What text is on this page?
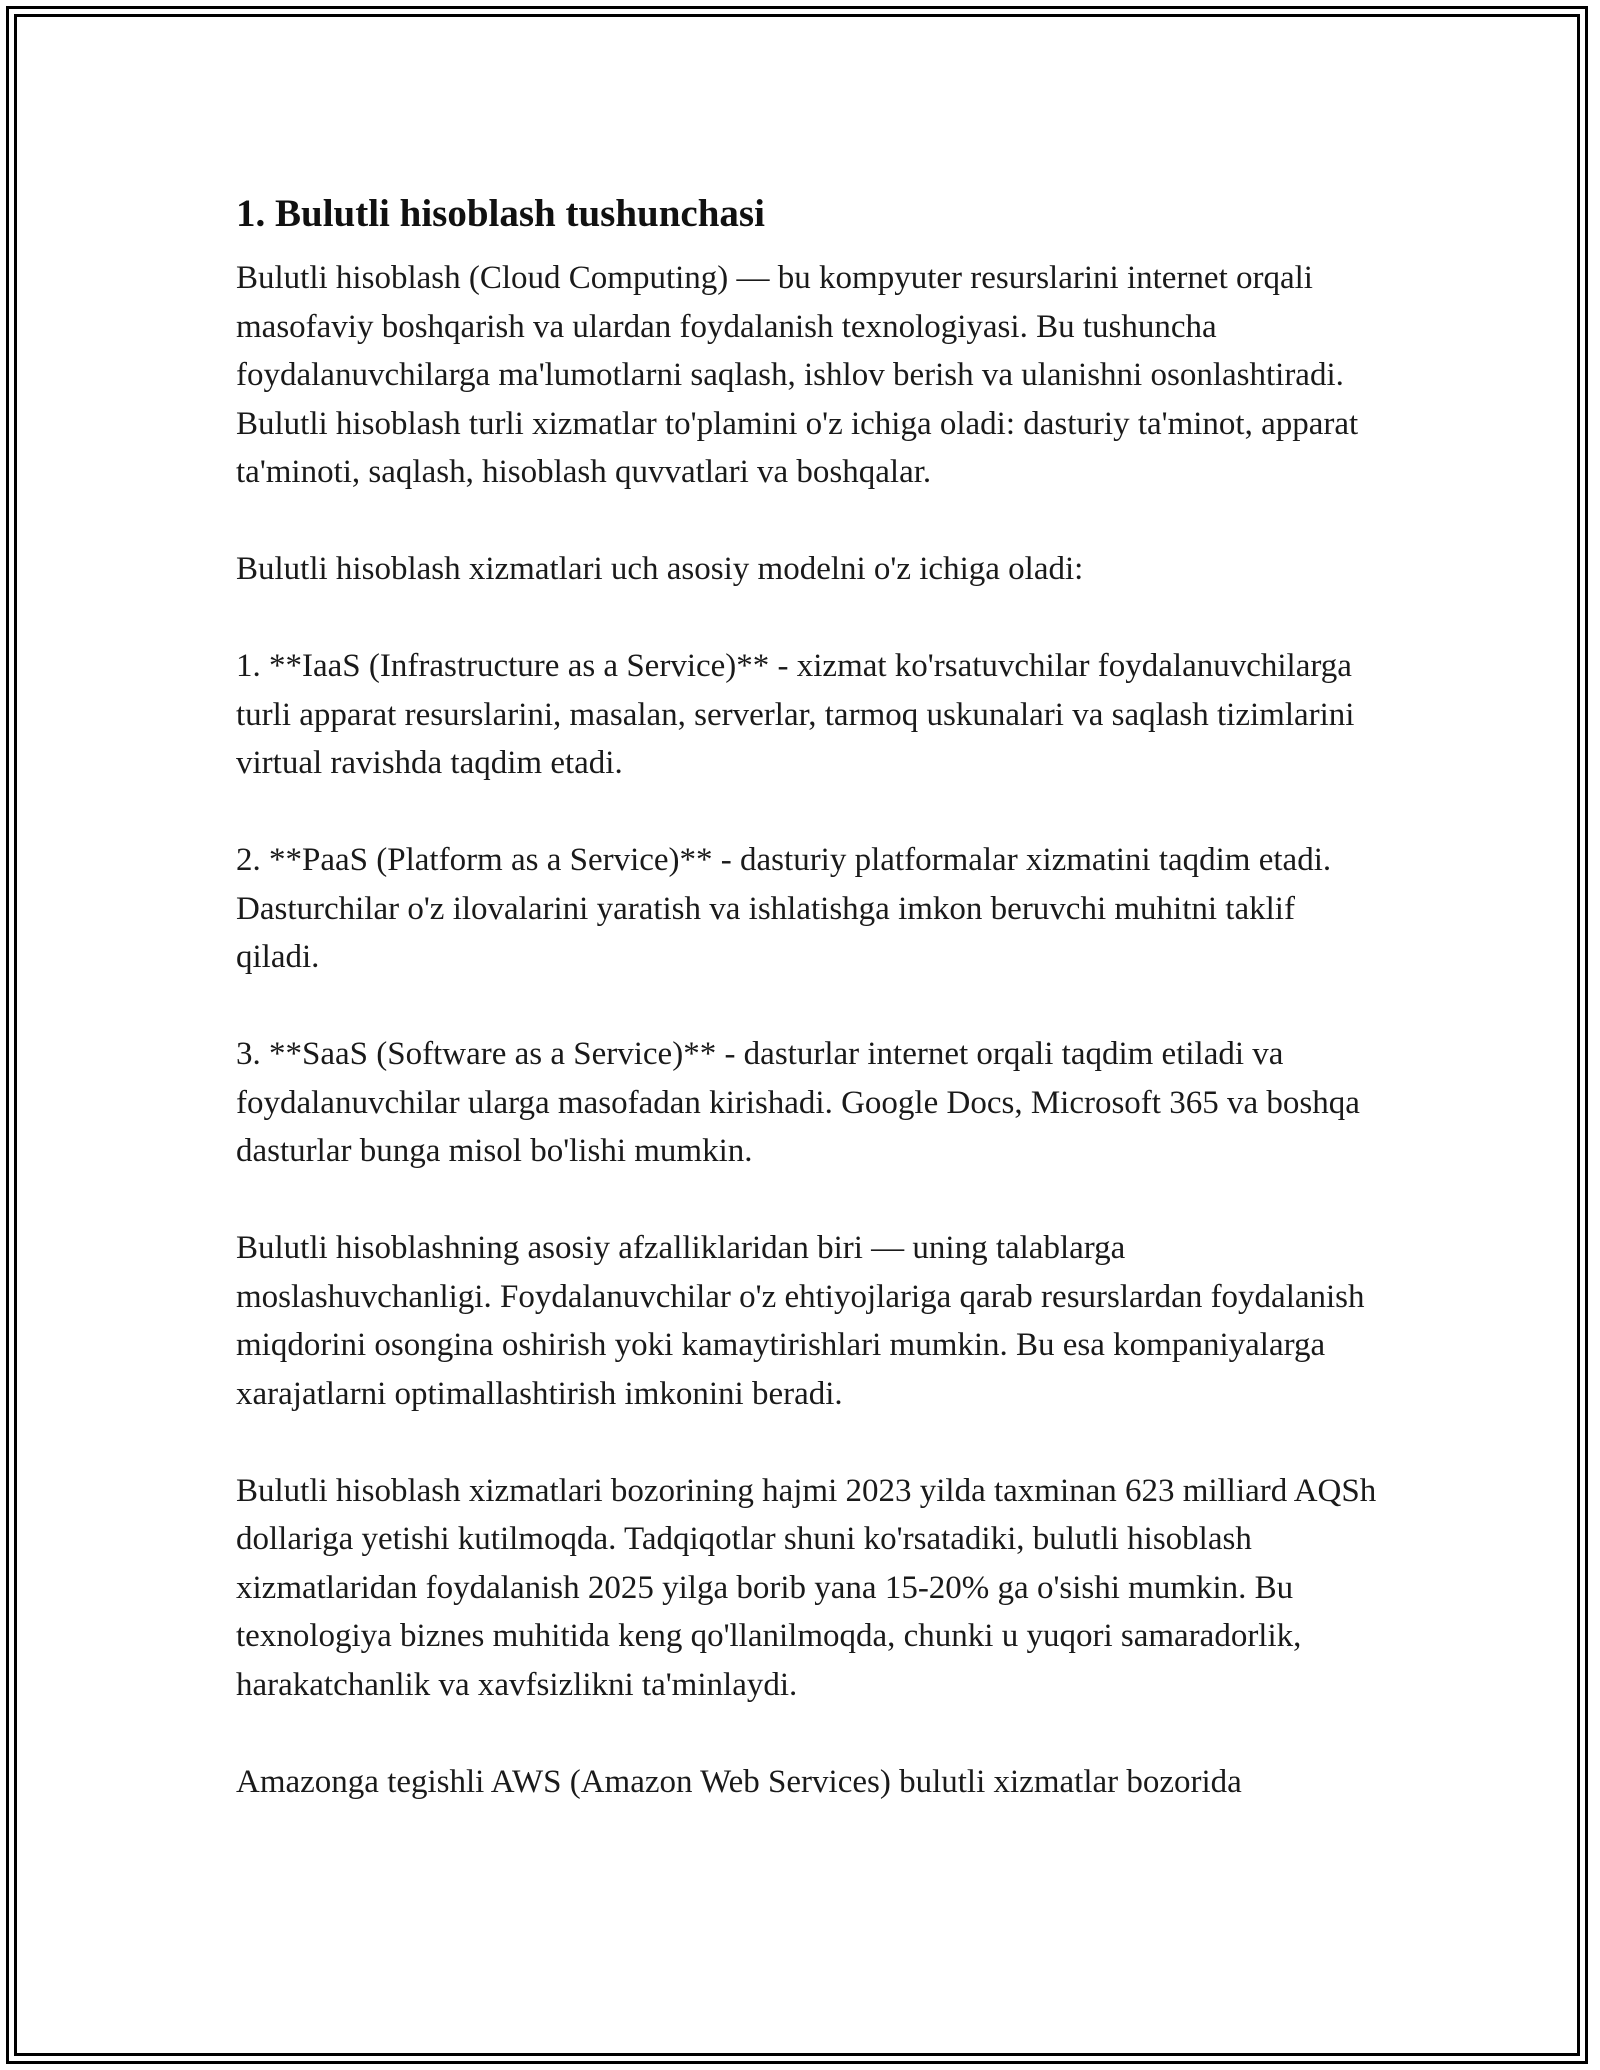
1. Bulutli hisoblash tushunchasi

Bulutli hisoblash (Cloud Computing) — bu kompyuter resurslarini internet orqali masofaviy boshqarish va ulardan foydalanish texnologiyasi. Bu tushuncha foydalanuvchilarga ma'lumotlarni saqlash, ishlov berish va ulanishni osonlashtiradi. Bulutli hisoblash turli xizmatlar to'plamini o'z ichiga oladi: dasturiy ta'minot, apparat ta'minoti, saqlash, hisoblash quvvatlari va boshqalar.

Bulutli hisoblash xizmatlari uch asosiy modelni o'z ichiga oladi:

1. **IaaS (Infrastructure as a Service)** - xizmat ko'rsatuvchilar foydalanuvchilarga turli apparat resurslarini, masalan, serverlar, tarmoq uskunalari va saqlash tizimlarini virtual ravishda taqdim etadi.

2. **PaaS (Platform as a Service)** - dasturiy platformalar xizmatini taqdim etadi. Dasturchilar o'z ilovalarini yaratish va ishlatishga imkon beruvchi muhitni taklif qiladi.

3. **SaaS (Software as a Service)** - dasturlar internet orqali taqdim etiladi va foydalanuvchilar ularga masofadan kirishadi. Google Docs, Microsoft 365 va boshqa dasturlar bunga misol bo'lishi mumkin.

Bulutli hisoblashning asosiy afzalliklaridan biri — uning talablarga moslashuvchanligi. Foydalanuvchilar o'z ehtiyojlariga qarab resurslardan foydalanish miqdorini osongina oshirish yoki kamaytirishlari mumkin. Bu esa kompaniyalarga xarajatlarni optimallashtirish imkonini beradi.

Bulutli hisoblash xizmatlari bozorining hajmi 2023 yilda taxminan 623 milliard AQSh dollariga yetishi kutilmoqda. Tadqiqotlar shuni ko'rsatadiki, bulutli hisoblash xizmatlaridan foydalanish 2025 yilga borib yana 15-20% ga o'sishi mumkin. Bu texnologiya biznes muhitida keng qo'llanilmoqda, chunki u yuqori samaradorlik, harakatchanlik va xavfsizlikni ta'minlaydi.

Amazonga tegishli AWS (Amazon Web Services) bulutli xizmatlar bozorida
